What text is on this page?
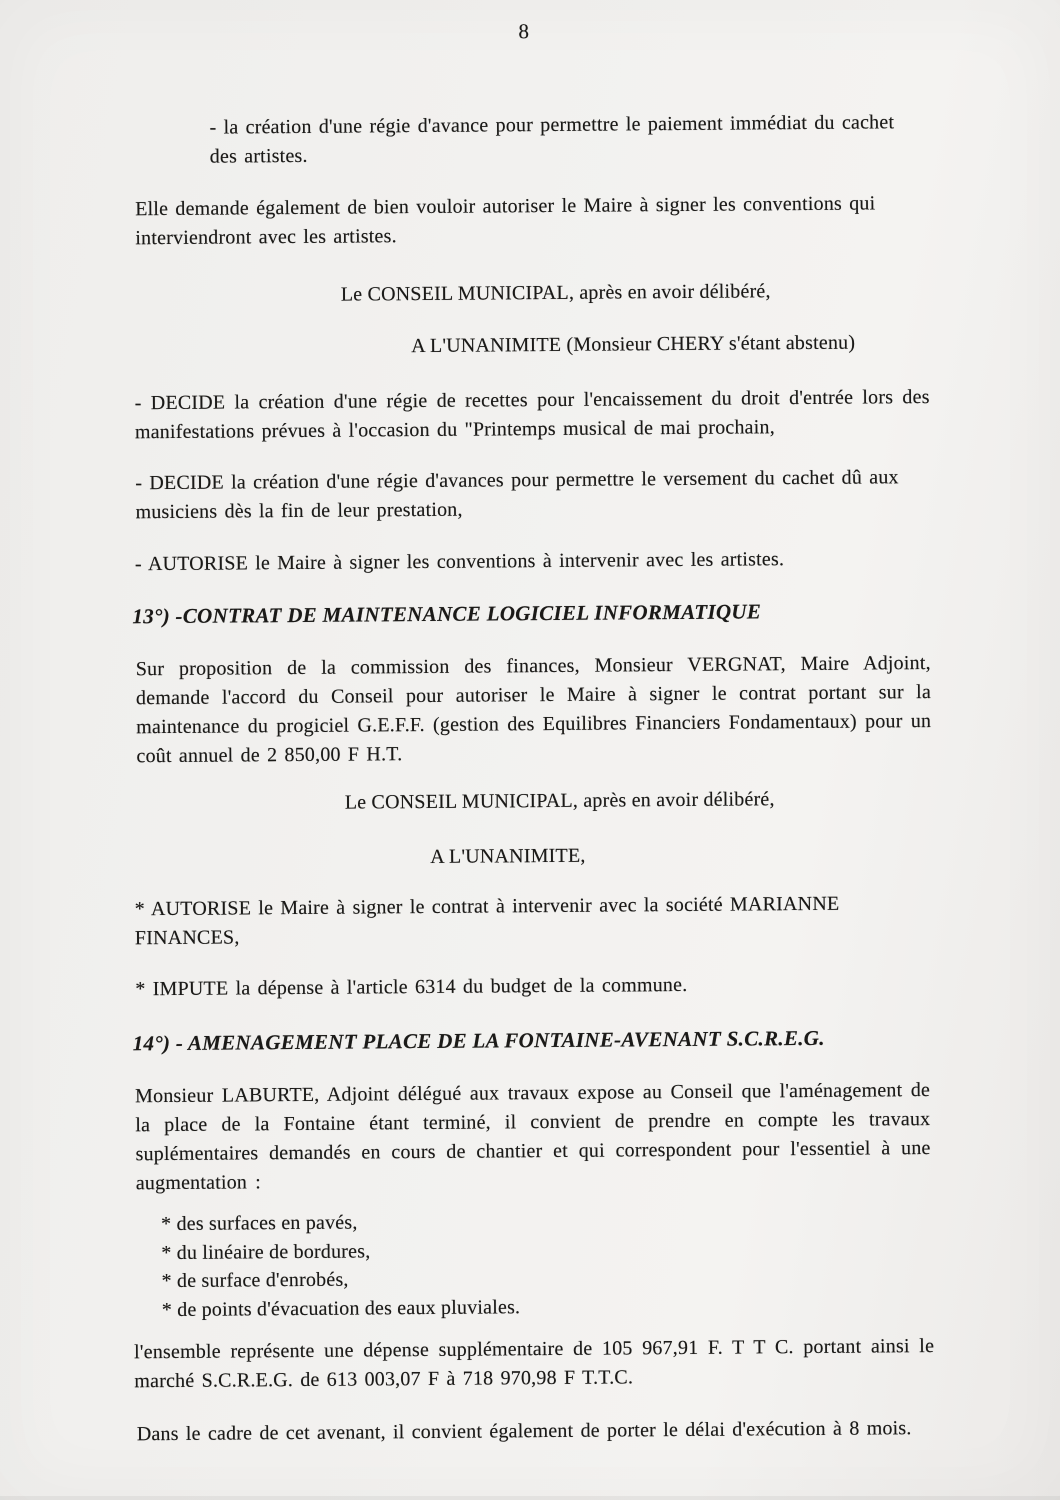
8
- la création d'une régie d'avance pour permettre le paiement immédiat du cachet des artistes.
Elle demande également de bien vouloir autoriser le Maire à signer les conventions qui interviendront avec les artistes.
Le CONSEIL MUNICIPAL, après en avoir délibéré,
A L'UNANIMITE (Monsieur CHERY s'étant abstenu)
- DECIDE la création d'une régie de recettes pour l'encaissement du droit d'entrée lors des manifestations prévues à l'occasion du "Printemps musical de mai prochain,
- DECIDE la création d'une régie d'avances pour permettre le versement du cachet dû aux musiciens dès la fin de leur prestation,
- AUTORISE le Maire à signer les conventions à intervenir avec les artistes.
13°) -CONTRAT DE MAINTENANCE LOGICIEL INFORMATIQUE
Sur proposition de la commission des finances, Monsieur VERGNAT, Maire Adjoint, demande l'accord du Conseil pour autoriser le Maire à signer le contrat portant sur la maintenance du progiciel G.E.F.F. (gestion des Equilibres Financiers Fondamentaux) pour un coût annuel de 2 850,00 F H.T.
Le CONSEIL MUNICIPAL, après en avoir délibéré,
A L'UNANIMITE,
* AUTORISE le Maire à signer le contrat à intervenir avec la société MARIANNE FINANCES,
* IMPUTE la dépense à l'article 6314 du budget de la commune.
14°) - AMENAGEMENT PLACE DE LA FONTAINE-AVENANT S.C.R.E.G.
Monsieur LABURTE, Adjoint délégué aux travaux expose au Conseil que l'aménagement de la place de la Fontaine étant terminé, il convient de prendre en compte les travaux suplémentaires demandés en cours de chantier et qui correspondent pour l'essentiel à une augmentation :
* des surfaces en pavés,
* du linéaire de bordures,
* de surface d'enrobés,
* de points d'évacuation des eaux pluviales.
l'ensemble représente une dépense supplémentaire de 105 967,91 F. T T C. portant ainsi le marché S.C.R.E.G. de 613 003,07 F à 718 970,98 F T.T.C.
Dans le cadre de cet avenant, il convient également de porter le délai d'exécution à 8 mois.
